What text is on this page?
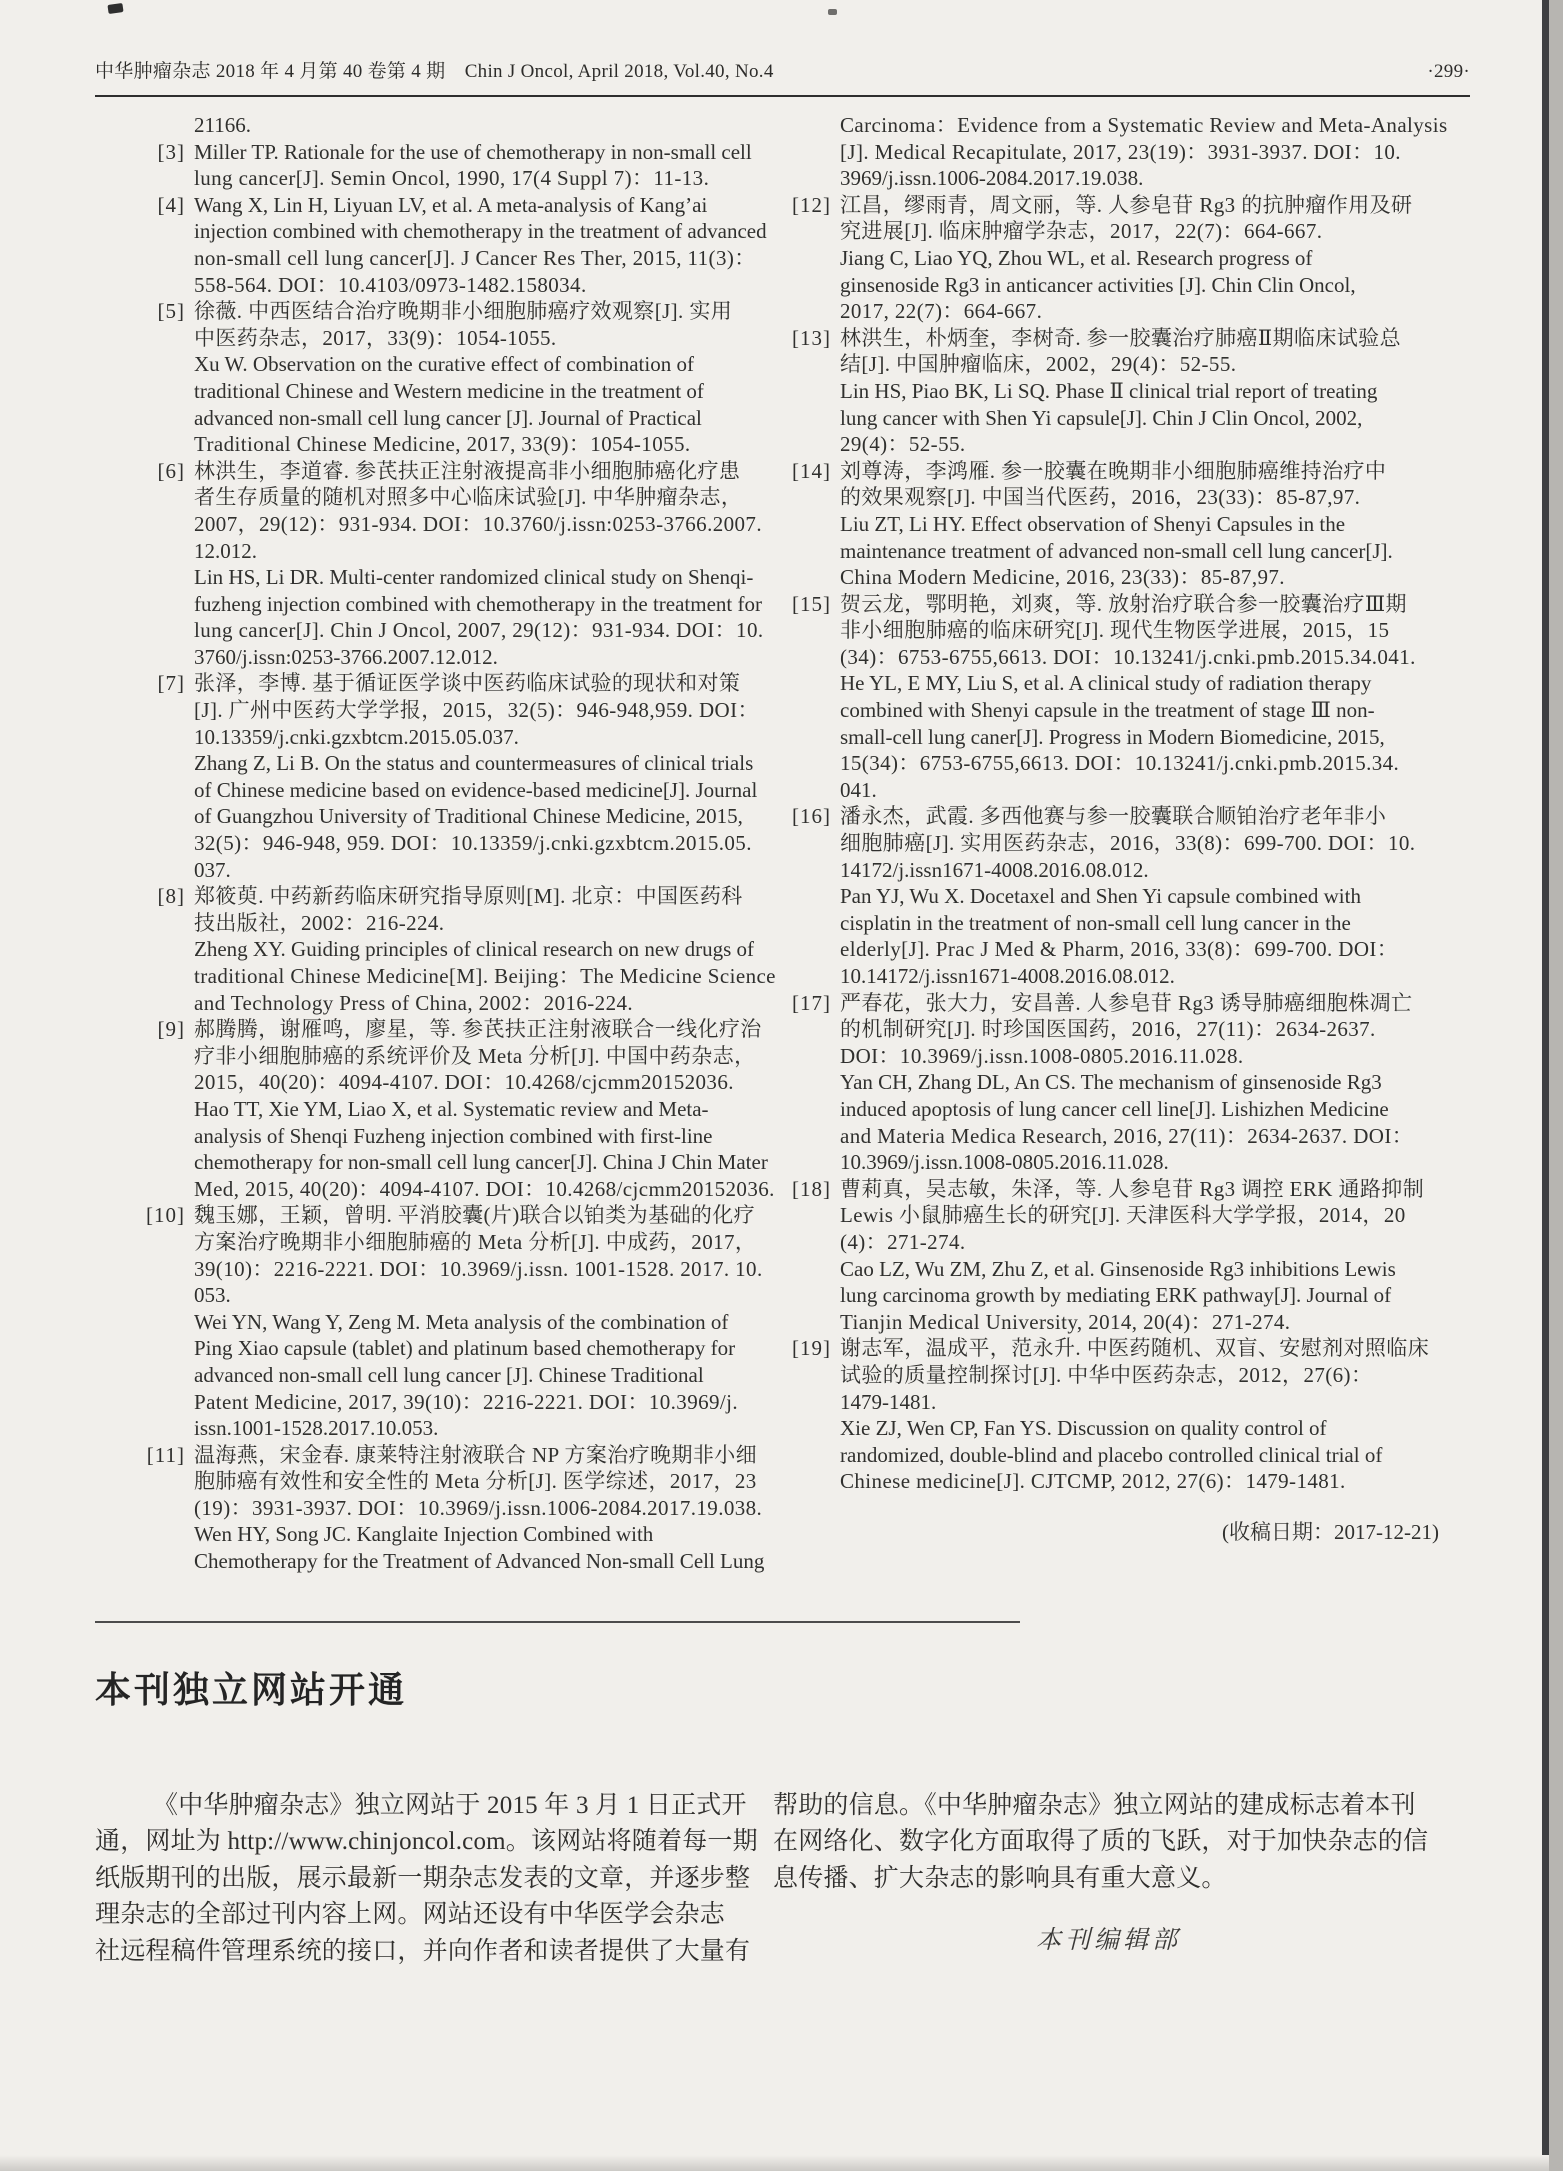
中华肿瘤杂志 2018 年 4 月第 40 卷第 4 期　Chin J Oncol, April 2018, Vol.40, No.4	·299·
21166.
[3] Miller TP. Rationale for the use of chemotherapy in non-small cell
lung cancer[J]. Semin Oncol, 1990, 17(4 Suppl 7)：11-13.
[4] Wang X, Lin H, Liyuan LV, et al. A meta-analysis of Kang’ai
injection combined with chemotherapy in the treatment of advanced
non-small cell lung cancer[J]. J Cancer Res Ther, 2015, 11(3)：
558-564. DOI：10.4103/0973-1482.158034.
[5] 徐薇. 中西医结合治疗晚期非小细胞肺癌疗效观察[J]. 实用
中医药杂志，2017，33(9)：1054-1055.
Xu W. Observation on the curative effect of combination of
traditional Chinese and Western medicine in the treatment of
advanced non-small cell lung cancer [J]. Journal of Practical
Traditional Chinese Medicine, 2017, 33(9)：1054-1055.
[6] 林洪生，李道睿. 参芪扶正注射液提高非小细胞肺癌化疗患
者生存质量的随机对照多中心临床试验[J]. 中华肿瘤杂志，
2007，29(12)：931-934. DOI：10.3760/j.issn:0253-3766.2007.
12.012.
Lin HS, Li DR. Multi-center randomized clinical study on Shenqi-
fuzheng injection combined with chemotherapy in the treatment for
lung cancer[J]. Chin J Oncol, 2007, 29(12)：931-934. DOI：10.
3760/j.issn:0253-3766.2007.12.012.
[7] 张泽，李博. 基于循证医学谈中医药临床试验的现状和对策
[J]. 广州中医药大学学报，2015，32(5)：946-948,959. DOI：
10.13359/j.cnki.gzxbtcm.2015.05.037.
Zhang Z, Li B. On the status and countermeasures of clinical trials
of Chinese medicine based on evidence-based medicine[J]. Journal
of Guangzhou University of Traditional Chinese Medicine, 2015,
32(5)：946-948, 959. DOI：10.13359/j.cnki.gzxbtcm.2015.05.
037.
[8] 郑筱萸. 中药新药临床研究指导原则[M]. 北京：中国医药科
技出版社，2002：216-224.
Zheng XY. Guiding principles of clinical research on new drugs of
traditional Chinese Medicine[M]. Beijing：The Medicine Science
and Technology Press of China, 2002：2016-224.
[9] 郝腾腾，谢雁鸣，廖星，等. 参芪扶正注射液联合一线化疗治
疗非小细胞肺癌的系统评价及 Meta 分析[J]. 中国中药杂志，
2015，40(20)：4094-4107. DOI：10.4268/cjcmm20152036.
Hao TT, Xie YM, Liao X, et al. Systematic review and Meta-
analysis of Shenqi Fuzheng injection combined with first-line
chemotherapy for non-small cell lung cancer[J]. China J Chin Mater
Med, 2015, 40(20)：4094-4107. DOI：10.4268/cjcmm20152036.
[10] 魏玉娜，王颖，曾明. 平消胶囊(片)联合以铂类为基础的化疗
方案治疗晚期非小细胞肺癌的 Meta 分析[J]. 中成药，2017，
39(10)：2216-2221. DOI：10.3969/j.issn. 1001-1528. 2017. 10.
053.
Wei YN, Wang Y, Zeng M. Meta analysis of the combination of
Ping Xiao capsule (tablet) and platinum based chemotherapy for
advanced non-small cell lung cancer [J]. Chinese Traditional
Patent Medicine, 2017, 39(10)：2216-2221. DOI：10.3969/j.
issn.1001-1528.2017.10.053.
[11] 温海燕，宋金春. 康莱特注射液联合 NP 方案治疗晚期非小细
胞肺癌有效性和安全性的 Meta 分析[J]. 医学综述，2017，23
(19)：3931-3937. DOI：10.3969/j.issn.1006-2084.2017.19.038.
Wen HY, Song JC. Kanglaite Injection Combined with
Chemotherapy for the Treatment of Advanced Non-small Cell Lung
Carcinoma：Evidence from a Systematic Review and Meta-Analysis
[J]. Medical Recapitulate, 2017, 23(19)：3931-3937. DOI：10.
3969/j.issn.1006-2084.2017.19.038.
[12] 江昌，缪雨青，周文丽，等. 人参皂苷 Rg3 的抗肿瘤作用及研
究进展[J]. 临床肿瘤学杂志，2017，22(7)：664-667.
Jiang C, Liao YQ, Zhou WL, et al. Research progress of
ginsenoside Rg3 in anticancer activities [J]. Chin Clin Oncol,
2017, 22(7)：664-667.
[13] 林洪生，朴炳奎，李树奇. 参一胶囊治疗肺癌Ⅱ期临床试验总
结[J]. 中国肿瘤临床，2002，29(4)：52-55.
Lin HS, Piao BK, Li SQ. Phase Ⅱ clinical trial report of treating
lung cancer with Shen Yi capsule[J]. Chin J Clin Oncol, 2002,
29(4)：52-55.
[14] 刘尊涛，李鸿雁. 参一胶囊在晚期非小细胞肺癌维持治疗中
的效果观察[J]. 中国当代医药，2016，23(33)：85-87,97.
Liu ZT, Li HY. Effect observation of Shenyi Capsules in the
maintenance treatment of advanced non-small cell lung cancer[J].
China Modern Medicine, 2016, 23(33)：85-87,97.
[15] 贺云龙，鄂明艳，刘爽，等. 放射治疗联合参一胶囊治疗Ⅲ期
非小细胞肺癌的临床研究[J]. 现代生物医学进展，2015，15
(34)：6753-6755,6613. DOI：10.13241/j.cnki.pmb.2015.34.041.
He YL, E MY, Liu S, et al. A clinical study of radiation therapy
combined with Shenyi capsule in the treatment of stage Ⅲ non-
small-cell lung caner[J]. Progress in Modern Biomedicine, 2015,
15(34)：6753-6755,6613. DOI：10.13241/j.cnki.pmb.2015.34.
041.
[16] 潘永杰，武霞. 多西他赛与参一胶囊联合顺铂治疗老年非小
细胞肺癌[J]. 实用医药杂志，2016，33(8)：699-700. DOI：10.
14172/j.issn1671-4008.2016.08.012.
Pan YJ, Wu X. Docetaxel and Shen Yi capsule combined with
cisplatin in the treatment of non-small cell lung cancer in the
elderly[J]. Prac J Med & Pharm, 2016, 33(8)：699-700. DOI：
10.14172/j.issn1671-4008.2016.08.012.
[17] 严春花，张大力，安昌善. 人参皂苷 Rg3 诱导肺癌细胞株凋亡
的机制研究[J]. 时珍国医国药，2016，27(11)：2634-2637.
DOI：10.3969/j.issn.1008-0805.2016.11.028.
Yan CH, Zhang DL, An CS. The mechanism of ginsenoside Rg3
induced apoptosis of lung cancer cell line[J]. Lishizhen Medicine
and Materia Medica Research, 2016, 27(11)：2634-2637. DOI：
10.3969/j.issn.1008-0805.2016.11.028.
[18] 曹莉真，吴志敏，朱泽，等. 人参皂苷 Rg3 调控 ERK 通路抑制
Lewis 小鼠肺癌生长的研究[J]. 天津医科大学学报，2014，20
(4)：271-274.
Cao LZ, Wu ZM, Zhu Z, et al. Ginsenoside Rg3 inhibitions Lewis
lung carcinoma growth by mediating ERK pathway[J]. Journal of
Tianjin Medical University, 2014, 20(4)：271-274.
[19] 谢志军，温成平，范永升. 中医药随机、双盲、安慰剂对照临床
试验的质量控制探讨[J]. 中华中医药杂志，2012，27(6)：
1479-1481.
Xie ZJ, Wen CP, Fan YS. Discussion on quality control of
randomized, double-blind and placebo controlled clinical trial of
Chinese medicine[J]. CJTCMP, 2012, 27(6)：1479-1481.
(收稿日期：2017-12-21)
本刊独立网站开通
《中华肿瘤杂志》独立网站于 2015 年 3 月 1 日正式开
通，网址为 http://www.chinjoncol.com。该网站将随着每一期
纸版期刊的出版，展示最新一期杂志发表的文章，并逐步整
理杂志的全部过刊内容上网。网站还设有中华医学会杂志
社远程稿件管理系统的接口，并向作者和读者提供了大量有
帮助的信息。《中华肿瘤杂志》独立网站的建成标志着本刊
在网络化、数字化方面取得了质的飞跃，对于加快杂志的信
息传播、扩大杂志的影响具有重大意义。
本刊编辑部
